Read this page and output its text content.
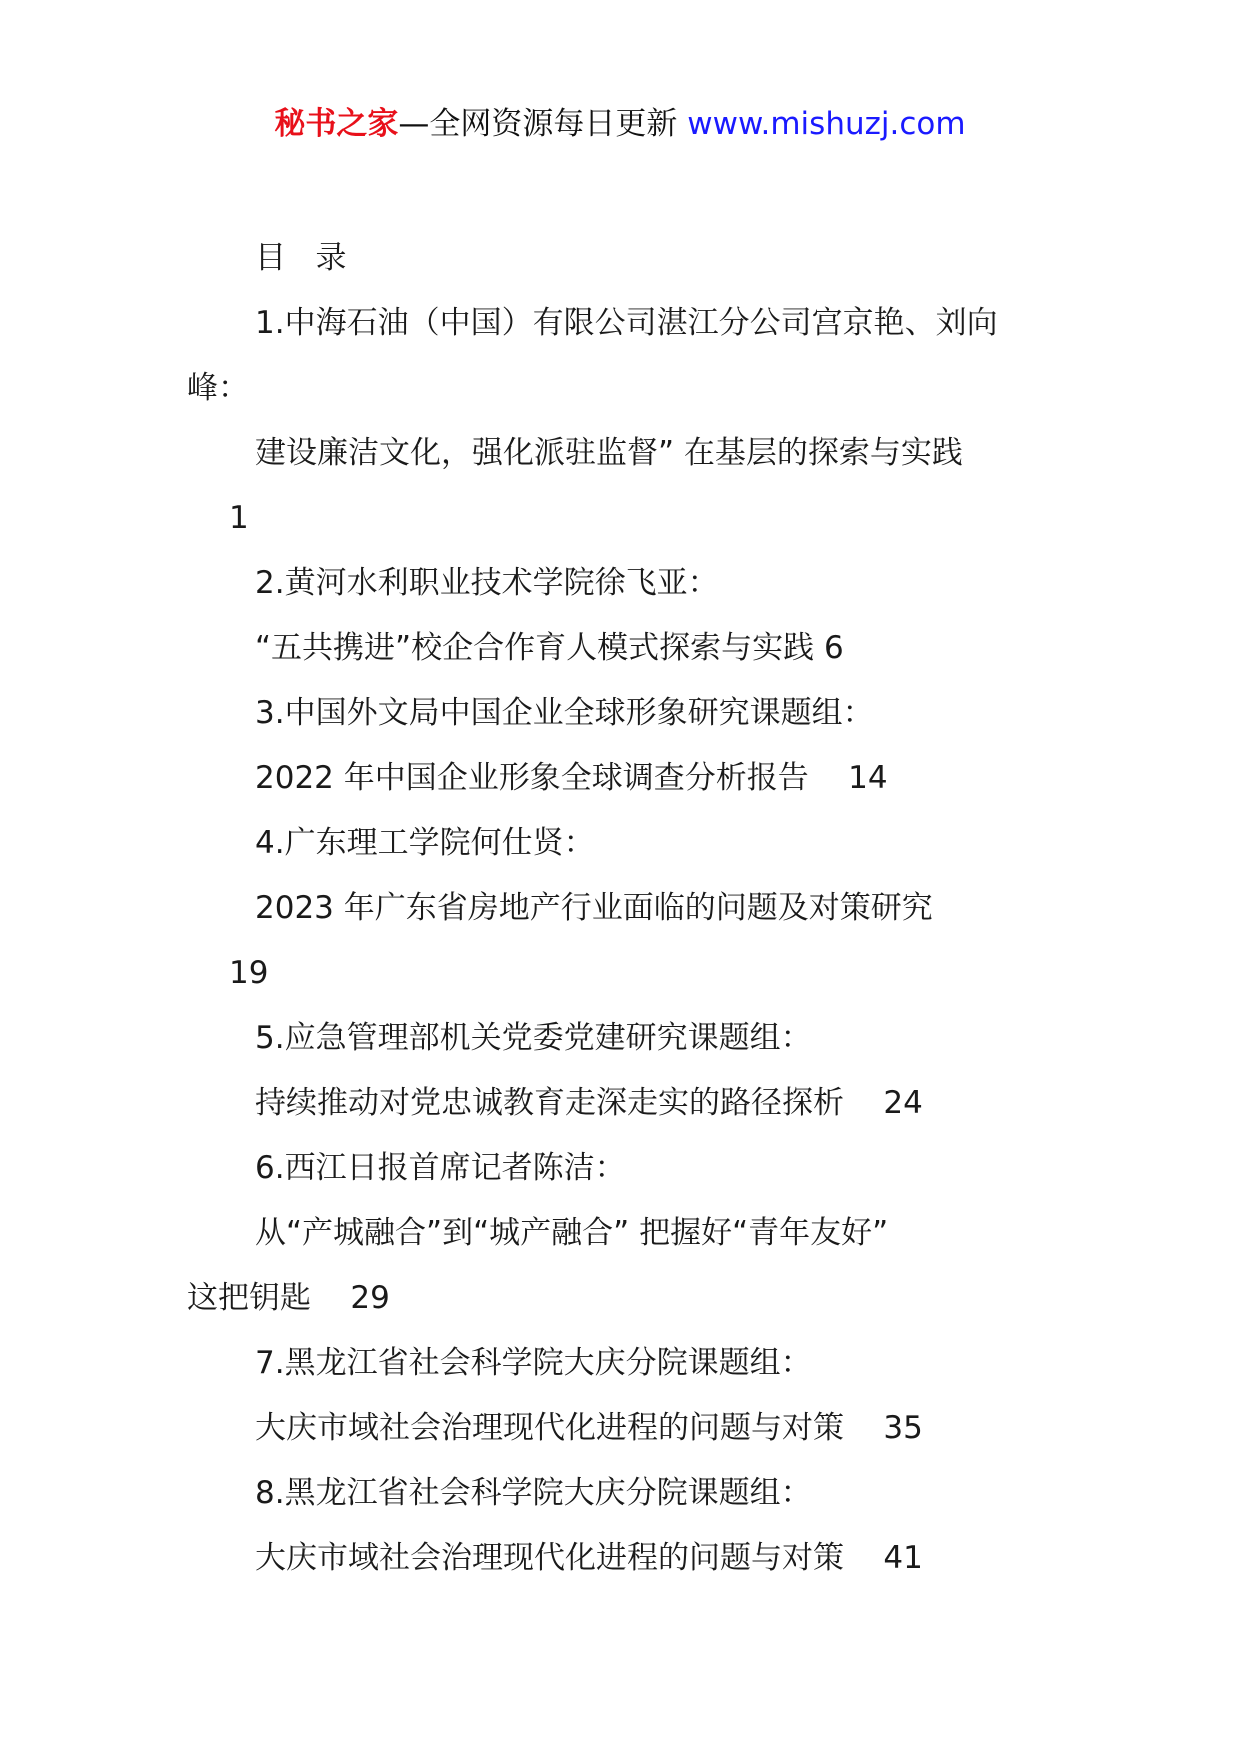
秘书之家—全网资源每日更新 www.mishuzj.com
目   录
1.中海石油（中国）有限公司湛江分公司宫京艳、刘向
峰：
建设廉洁文化，强化派驻监督” 在基层的探索与实践
1
2.黄河水利职业技术学院徐飞亚：
“五共携进”校企合作育人模式探索与实践 6
3.中国外文局中国企业全球形象研究课题组：
2022 年中国企业形象全球调查分析报告    14
4.广东理工学院何仕贤：
2023 年广东省房地产行业面临的问题及对策研究
19
5.应急管理部机关党委党建研究课题组：
持续推动对党忠诚教育走深走实的路径探析    24
6.西江日报首席记者陈洁：
从“产城融合”到“城产融合” 把握好“青年友好”
这把钥匙    29
7.黑龙江省社会科学院大庆分院课题组：
大庆市域社会治理现代化进程的问题与对策    35
8.黑龙江省社会科学院大庆分院课题组：
大庆市域社会治理现代化进程的问题与对策    41
